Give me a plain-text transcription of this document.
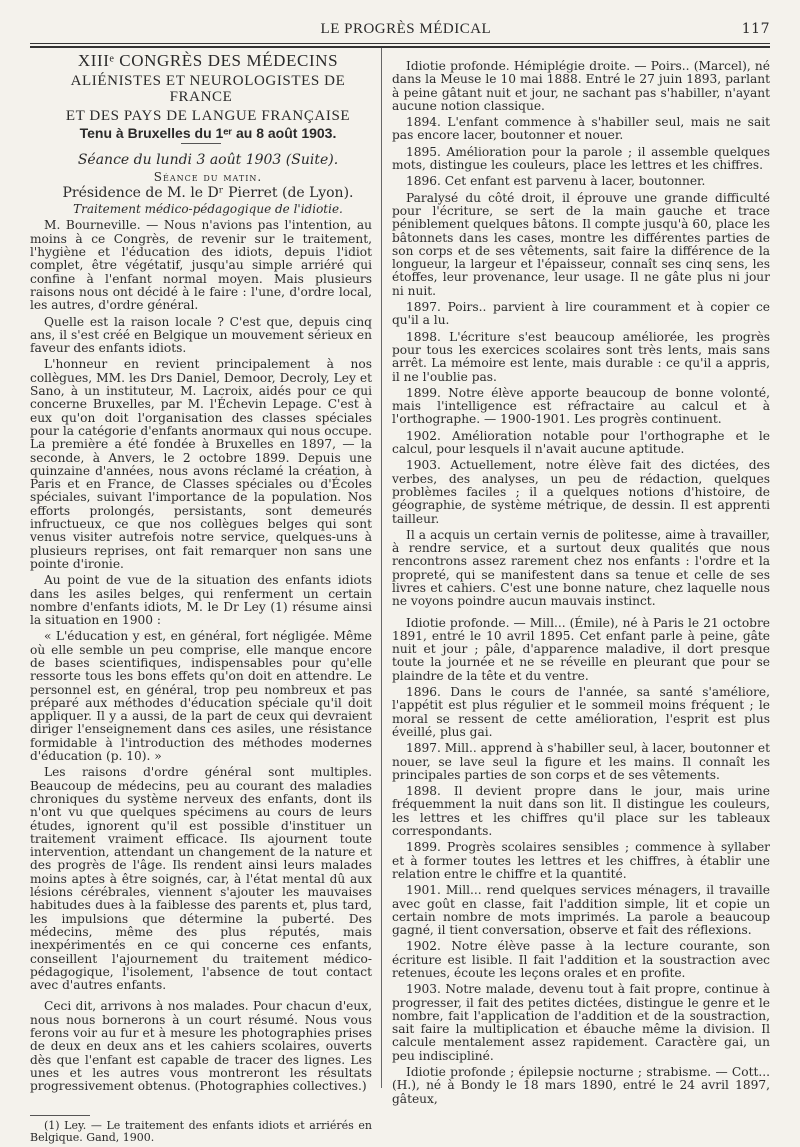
LE PROGRÈS MÉDICAL	117

XIIIᵉ CONGRÈS DES MÉDECINS

ALIÉNISTES ET NEUROLOGISTES DE FRANCE

ET DES PAYS DE LANGUE FRANÇAISE

Tenu à Bruxelles du 1ᵉʳ au 8 août 1903.

Séance du lundi 3 août 1903 (Suite).

Séance du matin.

Présidence de M. le Dʳ Pierret (de Lyon).

Traitement médico-pédagogique de l'idiotie.

M. Bourneville. — Nous n'avions pas l'intention, au moins à ce Congrès, de revenir sur le traitement, l'hygiène et l'éducation des idiots, depuis l'idiot complet, être végétatif, jusqu'au simple arriéré qui confine à l'enfant normal moyen. Mais plusieurs raisons nous ont décidé à le faire : l'une, d'ordre local, les autres, d'ordre général.

Quelle est la raison locale ? C'est que, depuis cinq ans, il s'est créé en Belgique un mouvement sérieux en faveur des enfants idiots.

L'honneur en revient principalement à nos collègues, MM. les Drs Daniel, Demoor, Decroly, Ley et Sano, à un instituteur, M. Lacroix, aidés pour ce qui concerne Bruxelles, par M. l'Échevin Lepage. C'est à eux qu'on doit l'organisation des classes spéciales pour la catégorie d'enfants anormaux qui nous occupe. La première a été fondée à Bruxelles en 1897, — la seconde, à Anvers, le 2 octobre 1899. Depuis une quinzaine d'années, nous avons réclamé la création, à Paris et en France, de Classes spéciales ou d'Écoles spéciales, suivant l'importance de la population. Nos efforts prolongés, persistants, sont demeurés infructueux, ce que nos collègues belges qui sont venus visiter autrefois notre service, quelques-uns à plusieurs reprises, ont fait remarquer non sans une pointe d'ironie.

Au point de vue de la situation des enfants idiots dans les asiles belges, qui renferment un certain nombre d'enfants idiots, M. le Dr Ley (1) résume ainsi la situation en 1900 :

« L'éducation y est, en général, fort négligée. Même où elle semble un peu comprise, elle manque encore de bases scientifiques, indispensables pour qu'elle ressorte tous les bons effets qu'on doit en attendre. Le personnel est, en général, trop peu nombreux et pas préparé aux méthodes d'éducation spéciale qu'il doit appliquer. Il y a aussi, de la part de ceux qui devraient diriger l'enseignement dans ces asiles, une résistance formidable à l'introduction des méthodes modernes d'éducation (p. 10). »

Les raisons d'ordre général sont multiples. Beaucoup de médecins, peu au courant des maladies chroniques du système nerveux des enfants, dont ils n'ont vu que quelques spécimens au cours de leurs études, ignorent qu'il est possible d'instituer un traitement vraiment efficace. Ils ajournent toute intervention, attendant un changement de la nature et des progrès de l'âge. Ils rendent ainsi leurs malades moins aptes à être soignés, car, à l'état mental dû aux lésions cérébrales, viennent s'ajouter les mauvaises habitudes dues à la faiblesse des parents et, plus tard, les impulsions que détermine la puberté. Des médecins, même des plus réputés, mais inexpérimentés en ce qui concerne ces enfants, conseillent l'ajournement du traitement médico-pédagogique, l'isolement, l'absence de tout contact avec d'autres enfants.

Ceci dit, arrivons à nos malades. Pour chacun d'eux, nous nous bornerons à un court résumé. Nous vous ferons voir au fur et à mesure les photographies prises de deux en deux ans et les cahiers scolaires, ouverts dès que l'enfant est capable de tracer des lignes. Les unes et les autres vous montreront les résultats progressivement obtenus. (Photographies collectives.)

(1) Ley. — Le traitement des enfants idiots et arriérés en Belgique. Gand, 1900.

Idiotie profonde. Hémiplégie droite. — Poirs.. (Marcel), né dans la Meuse le 10 mai 1888. Entré le 27 juin 1893, parlant à peine gâtant nuit et jour, ne sachant pas s'habiller, n'ayant aucune notion classique.

1894. L'enfant commence à s'habiller seul, mais ne sait pas encore lacer, boutonner et nouer.

1895. Amélioration pour la parole ; il assemble quelques mots, distingue les couleurs, place les lettres et les chiffres.

1896. Cet enfant est parvenu à lacer, boutonner.

Paralysé du côté droit, il éprouve une grande difficulté pour l'écriture, se sert de la main gauche et trace péniblement quelques bâtons. Il compte jusqu'à 60, place les bâtonnets dans les cases, montre les différentes parties de son corps et de ses vêtements, sait faire la différence de la longueur, la largeur et l'épaisseur, connaît ses cinq sens, les étoffes, leur provenance, leur usage. Il ne gâte plus ni jour ni nuit.

1897. Poirs.. parvient à lire couramment et à copier ce qu'il a lu.

1898. L'écriture s'est beaucoup améliorée, les progrès pour tous les exercices scolaires sont très lents, mais sans arrêt. La mémoire est lente, mais durable : ce qu'il a appris, il ne l'oublie pas.

1899. Notre élève apporte beaucoup de bonne volonté, mais l'intelligence est réfractaire au calcul et à l'orthographe. — 1900-1901. Les progrès continuent.

1902. Amélioration notable pour l'orthographe et le calcul, pour lesquels il n'avait aucune aptitude.

1903. Actuellement, notre élève fait des dictées, des verbes, des analyses, un peu de rédaction, quelques problèmes faciles ; il a quelques notions d'histoire, de géographie, de système métrique, de dessin. Il est apprenti tailleur.

Il a acquis un certain vernis de politesse, aime à travailler, à rendre service, et a surtout deux qualités que nous rencontrons assez rarement chez nos enfants : l'ordre et la propreté, qui se manifestent dans sa tenue et celle de ses livres et cahiers. C'est une bonne nature, chez laquelle nous ne voyons poindre aucun mauvais instinct.

Idiotie profonde. — Mill... (Émile), né à Paris le 21 octobre 1891, entré le 10 avril 1895. Cet enfant parle à peine, gâte nuit et jour ; pâle, d'apparence maladive, il dort presque toute la journée et ne se réveille en pleurant que pour se plaindre de la tête et du ventre.

1896. Dans le cours de l'année, sa santé s'améliore, l'appétit est plus régulier et le sommeil moins fréquent ; le moral se ressent de cette amélioration, l'esprit est plus éveillé, plus gai.

1897. Mill.. apprend à s'habiller seul, à lacer, boutonner et nouer, se lave seul la figure et les mains. Il connaît les principales parties de son corps et de ses vêtements.

1898. Il devient propre dans le jour, mais urine fréquemment la nuit dans son lit. Il distingue les couleurs, les lettres et les chiffres qu'il place sur les tableaux correspondants.

1899. Progrès scolaires sensibles ; commence à syllaber et à former toutes les lettres et les chiffres, à établir une relation entre le chiffre et la quantité.

1901. Mill... rend quelques services ménagers, il travaille avec goût en classe, fait l'addition simple, lit et copie un certain nombre de mots imprimés. La parole a beaucoup gagné, il tient conversation, observe et fait des réflexions.

1902. Notre élève passe à la lecture courante, son écriture est lisible. Il fait l'addition et la soustraction avec retenues, écoute les leçons orales et en profite.

1903. Notre malade, devenu tout à fait propre, continue à progresser, il fait des petites dictées, distingue le genre et le nombre, fait l'application de l'addition et de la soustraction, sait faire la multiplication et ébauche même la division. Il calcule mentalement assez rapidement. Caractère gai, un peu indiscipliné.

Idiotie profonde ; épilepsie nocturne ; strabisme. — Cott... (H.), né à Bondy le 18 mars 1890, entré le 24 avril 1897, gâteux,
